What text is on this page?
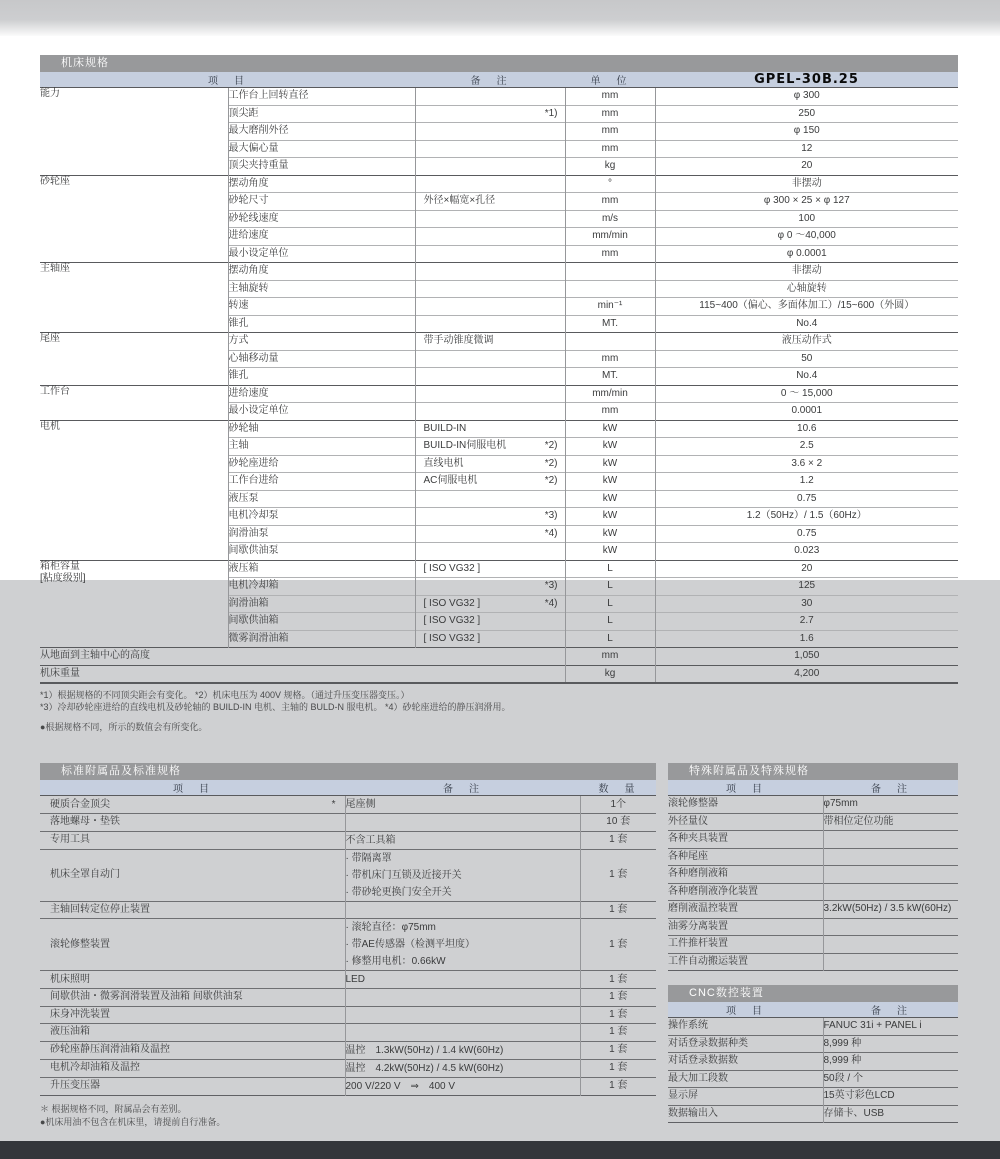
机床规格
项　目		备　注	单　位	GPEL-30B.25

能力	工作台上回转直径		mm	φ 300
	顶尖距	*1)	mm	250
	最大磨削外径		mm	φ 150
	最大偏心量		mm	12
	顶尖夹持重量		kg	20

砂轮座	摆动角度		°	非摆动
	砂轮尺寸	外径×幅宽×孔径	mm	φ 300 × 25 × φ 127
	砂轮线速度		m/s	100
	进给速度		mm/min	φ 0 ～40,000
	最小设定单位		mm	φ 0.0001

主轴座	摆动角度			非摆动
	主轴旋转			心轴旋转
	转速		min⁻¹	115~400（偏心、多面体加工）/15~600（外圆）
	锥孔		MT.	No.4

尾座	方式	带手动锥度微调		液压动作式
	心轴移动量		mm	50
	锥孔		MT.	No.4

工作台	进给速度		mm/min	0 ～ 15,000
	最小设定单位		mm	0.0001

电机	砂轮轴	BUILD-IN	kW	10.6
	主轴	BUILD-IN伺服电机 *2)	kW	2.5
	砂轮座进给	直线电机 *2)	kW	3.6 × 2
	工作台进给	AC伺服电机 *2)	kW	1.2
	液压泵		kW	0.75
	电机冷却泵	*3)	kW	1.2（50Hz）/ 1.5（60Hz）
	润滑油泵	*4)	kW	0.75
	间歇供油泵		kW	0.023

箱柜容量
[粘度级别]	液压箱	[ ISO VG32 ]	L	20
	电机冷却箱	*3)	L	125
	润滑油箱	[ ISO VG32 ] *4)	L	30
	间歇供油箱	[ ISO VG32 ]	L	2.7
	微雾润滑油箱	[ ISO VG32 ]	L	1.6
从地面到主轴中心的高度			mm	1,050
机床重量			kg	4,200
*1）根据规格的不同顶尖距会有变化。 *2）机床电压为 400V 规格。（通过升压变压器变压。）
*3）冷却砂轮座进给的直线电机及砂轮轴的 BUILD-IN 电机、主轴的 BULD-N 服电机。 *4）砂轮座进给的静压润滑用。
●根据规格不同，所示的数值会有所变化。
标准附属品及标准规格
项　目	备　注	数　量

硬质合金顶尖 *	尾座侧	1个

落地螺母・垫铁		10 套

专用工具	不含工具箱	1 套

机床全罩自动门	· 带隔离罩
· 带机床门互锁及近接开关
· 带砂轮更换门安全开关	1 套

主轴回转定位停止装置		1 套

滚轮修整装置	· 滚轮直径：φ75mm
· 带AE传感器（检测平坦度）
· 修整用电机：0.66kW	1 套

机床照明	LED	1 套

间歇供油・微雾润滑装置及油箱 间歇供油泵		1 套

床身冲洗装置		1 套

液压油箱		1 套

砂轮座静压润滑油箱及温控	温控　1.3kW(50Hz) / 1.4 kW(60Hz)	1 套

电机冷却油箱及温控	温控　4.2kW(50Hz) / 4.5 kW(60Hz)	1 套

升压变压器	200 V/220 V　⇒　400 V	1 套
＊ 根据规格不同，附属品会有差别。
●机床用油不包含在机床里，请提前自行准备。
特殊附属品及特殊规格
项　目	备　注
滚轮修整器	φ75mm
外径量仪	带相位定位功能
各种夹具装置	
各种尾座	
各种磨削液箱	
各种磨削液净化装置	
磨削液温控装置	3.2kW(50Hz) / 3.5 kW(60Hz)
油雾分离装置	
工件推杆装置	
工件自动搬运装置	
CNC数控装置
项　目	备　注
操作系统	FANUC 31i + PANEL i
对话登录数据种类	8,999 种
对话登录数据数	8,999 种
最大加工段数	50段 / 个
显示屏	15英寸彩色LCD
数据输出入	存储卡、USB
